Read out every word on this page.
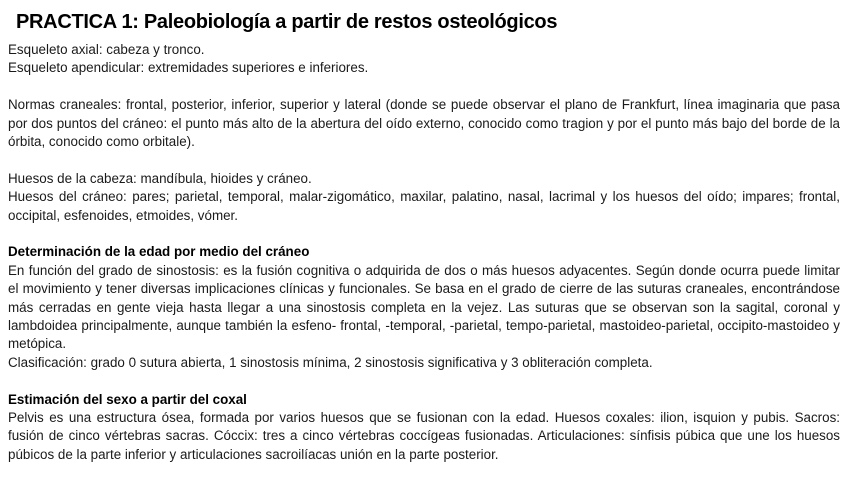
PRACTICA 1: Paleobiología a partir de restos osteológicos

Esqueleto axial: cabeza y tronco.

Esqueleto apendicular: extremidades superiores e inferiores.

Normas craneales: frontal, posterior, inferior, superior y lateral (donde se puede observar el plano de Frankfurt, línea imaginaria que pasa por dos puntos del cráneo: el punto más alto de la abertura del oído externo, conocido como tragion y por el punto más bajo del borde de la órbita, conocido como orbitale).

Huesos de la cabeza: mandíbula, hioides y cráneo.

Huesos del cráneo: pares; parietal, temporal, malar-zigomático, maxilar, palatino, nasal, lacrimal y los huesos del oído; impares; frontal, occipital, esfenoides, etmoides, vómer.

Determinación de la edad por medio del cráneo

En función del grado de sinostosis: es la fusión cognitiva o adquirida de dos o más huesos adyacentes. Según donde ocurra puede limitar el movimiento y tener diversas implicaciones clínicas y funcionales. Se basa en el grado de cierre de las suturas craneales, encontrándose más cerradas en gente vieja hasta llegar a una sinostosis completa en la vejez. Las suturas que se observan son la sagital, coronal y lambdoidea principalmente, aunque también la esfeno- frontal, -temporal, -parietal, tempo-parietal, mastoideo-parietal, occipito-mastoideo y metópica.

Clasificación: grado 0 sutura abierta, 1 sinostosis mínima, 2 sinostosis significativa y 3 obliteración completa.

Estimación del sexo a partir del coxal

Pelvis es una estructura ósea, formada por varios huesos que se fusionan con la edad. Huesos coxales: ilion, isquion y pubis. Sacros: fusión de cinco vértebras sacras. Cóccix: tres a cinco vértebras coccígeas fusionadas. Articulaciones: sínfisis púbica que une los huesos púbicos de la parte inferior y articulaciones sacroilíacas unión en la parte posterior.
